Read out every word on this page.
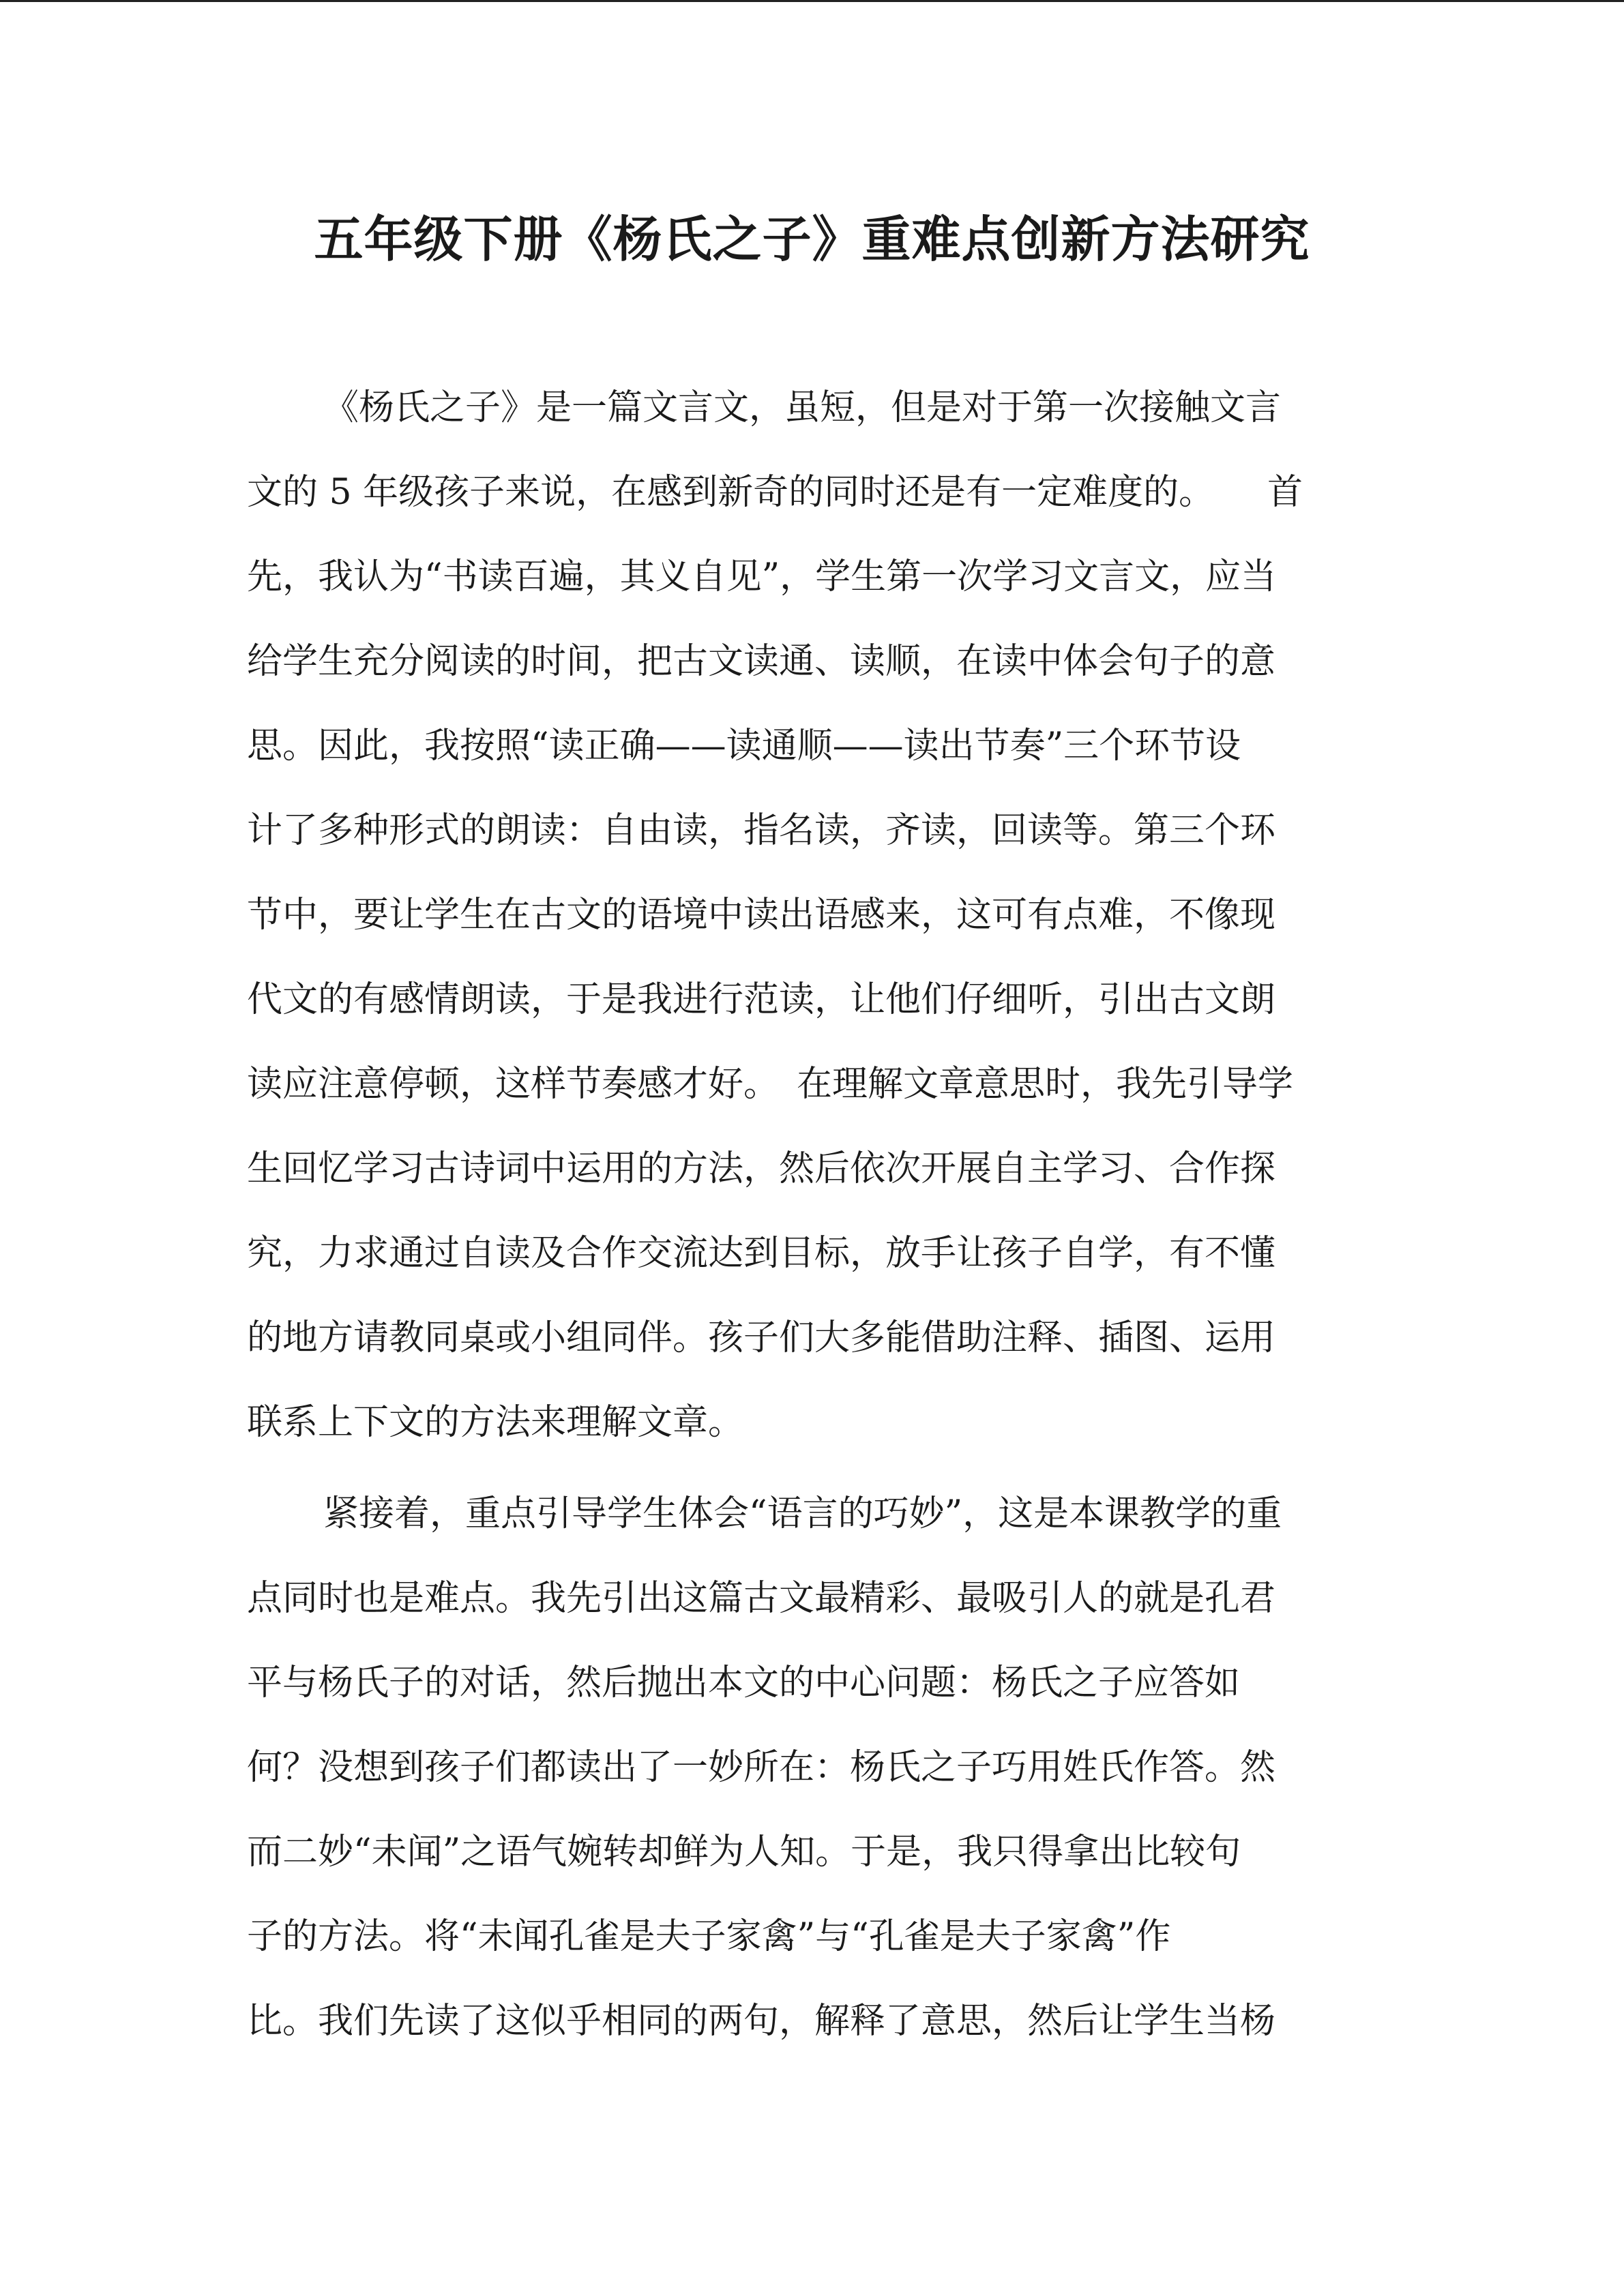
五年级下册《杨氏之子》重难点创新方法研究
《杨氏之子》是一篇文言文，虽短，但是对于第一次接触文言
文的 5 年级孩子来说，在感到新奇的同时还是有一定难度的。　　首
先，我认为“书读百遍，其义自见”，学生第一次学习文言文，应当
给学生充分阅读的时间，把古文读通、读顺，在读中体会句子的意
思。因此，我按照“读正确——读通顺——读出节奏”三个环节设
计了多种形式的朗读：自由读，指名读，齐读，回读等。第三个环
节中，要让学生在古文的语境中读出语感来，这可有点难，不像现
代文的有感情朗读，于是我进行范读，让他们仔细听，引出古文朗
读应注意停顿，这样节奏感才好。　在理解文章意思时，我先引导学
生回忆学习古诗词中运用的方法，然后依次开展自主学习、合作探
究，力求通过自读及合作交流达到目标，放手让孩子自学，有不懂
的地方请教同桌或小组同伴。孩子们大多能借助注释、插图、运用
联系上下文的方法来理解文章。
紧接着，重点引导学生体会“语言的巧妙”，这是本课教学的重
点同时也是难点。我先引出这篇古文最精彩、最吸引人的就是孔君
平与杨氏子的对话，然后抛出本文的中心问题：杨氏之子应答如
何？没想到孩子们都读出了一妙所在：杨氏之子巧用姓氏作答。然
而二妙“未闻”之语气婉转却鲜为人知。于是，我只得拿出比较句
子的方法。将“未闻孔雀是夫子家禽”与“孔雀是夫子家禽”作
比。我们先读了这似乎相同的两句，解释了意思，然后让学生当杨
